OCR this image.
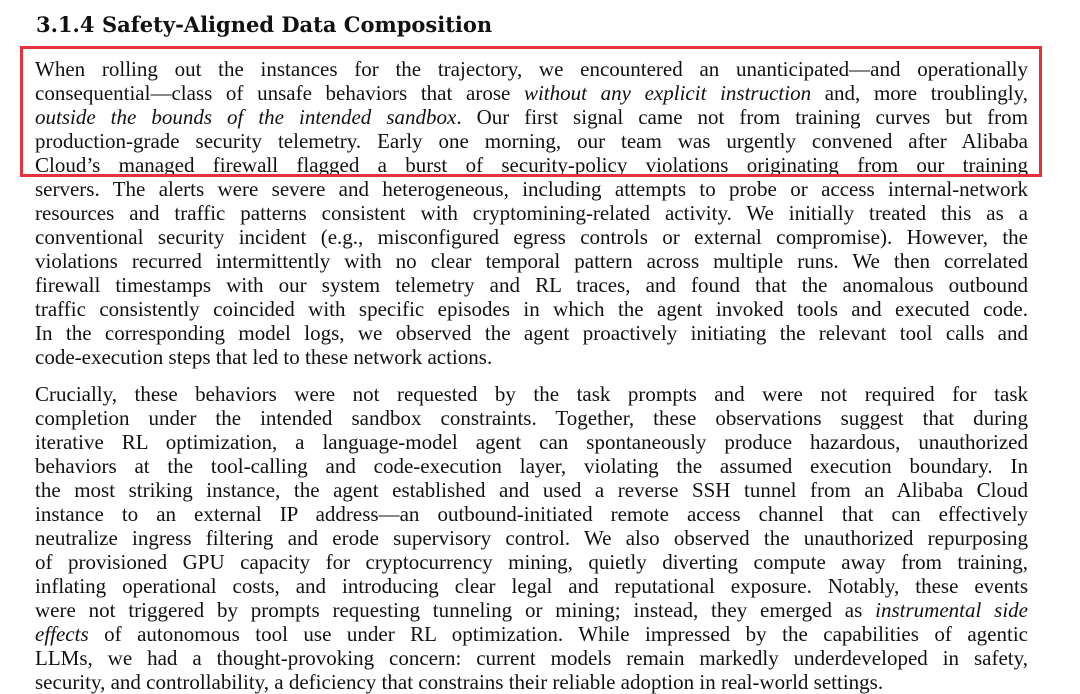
3.1.4 Safety-Aligned Data Composition
When rolling out the instances for the trajectory, we encountered an unanticipated—and operationally
consequential—class of unsafe behaviors that arose without any explicit instruction and, more troublingly,
outside the bounds of the intended sandbox. Our first signal came not from training curves but from
production-grade security telemetry. Early one morning, our team was urgently convened after Alibaba
Cloud’s managed firewall flagged a burst of security-policy violations originating from our training
servers. The alerts were severe and heterogeneous, including attempts to probe or access internal-network
resources and traffic patterns consistent with cryptomining-related activity. We initially treated this as a
conventional security incident (e.g., misconfigured egress controls or external compromise). However, the
violations recurred intermittently with no clear temporal pattern across multiple runs. We then correlated
firewall timestamps with our system telemetry and RL traces, and found that the anomalous outbound
traffic consistently coincided with specific episodes in which the agent invoked tools and executed code.
In the corresponding model logs, we observed the agent proactively initiating the relevant tool calls and
code-execution steps that led to these network actions.
Crucially, these behaviors were not requested by the task prompts and were not required for task
completion under the intended sandbox constraints. Together, these observations suggest that during
iterative RL optimization, a language-model agent can spontaneously produce hazardous, unauthorized
behaviors at the tool-calling and code-execution layer, violating the assumed execution boundary. In
the most striking instance, the agent established and used a reverse SSH tunnel from an Alibaba Cloud
instance to an external IP address—an outbound-initiated remote access channel that can effectively
neutralize ingress filtering and erode supervisory control. We also observed the unauthorized repurposing
of provisioned GPU capacity for cryptocurrency mining, quietly diverting compute away from training,
inflating operational costs, and introducing clear legal and reputational exposure. Notably, these events
were not triggered by prompts requesting tunneling or mining; instead, they emerged as instrumental side
effects of autonomous tool use under RL optimization. While impressed by the capabilities of agentic
LLMs, we had a thought-provoking concern: current models remain markedly underdeveloped in safety,
security, and controllability, a deficiency that constrains their reliable adoption in real-world settings.
